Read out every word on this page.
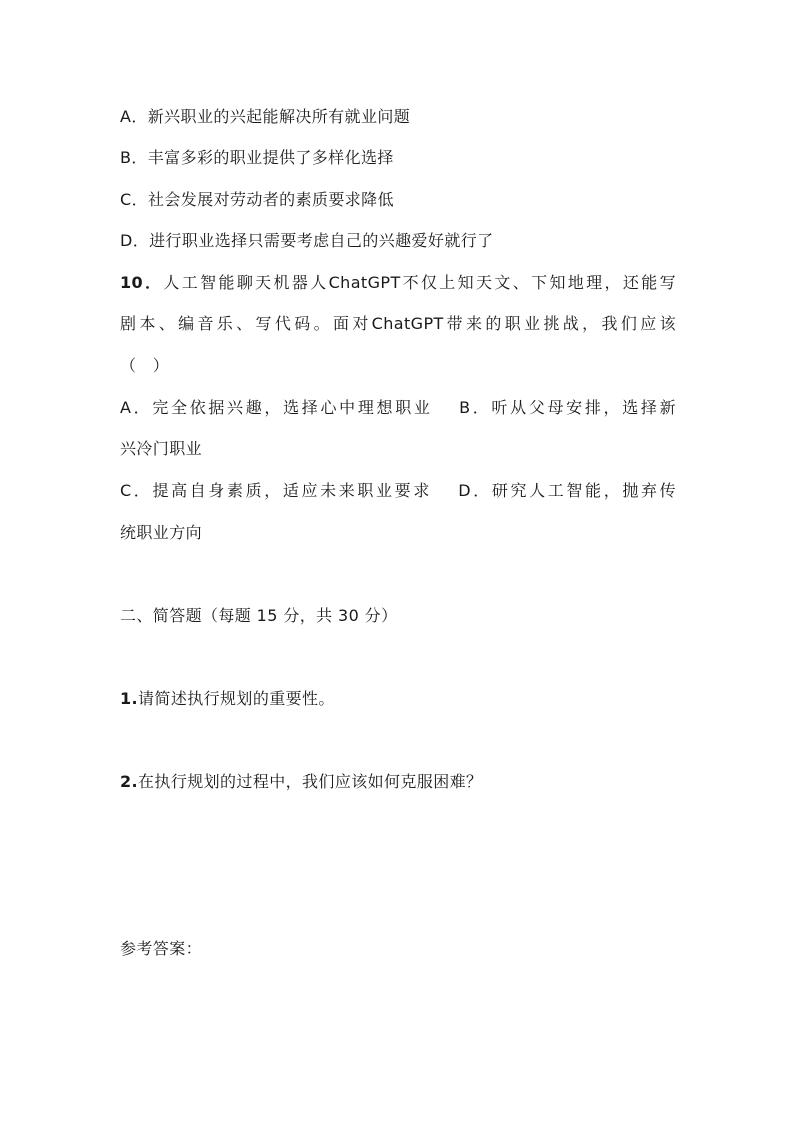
A．新兴职业的兴起能解决所有就业问题
B．丰富多彩的职业提供了多样化选择
C．社会发展对劳动者的素质要求降低
D．进行职业选择只需要考虑自己的兴趣爱好就行了
10．人工智能聊天机器人ChatGPT不仅上知天文、下知地理，还能写
剧本、编音乐、写代码。面对ChatGPT带来的职业挑战，我们应该
（　）
A．完全依据兴趣，选择心中理想职业　 B．听从父母安排，选择新
兴冷门职业
C．提高自身素质，适应未来职业要求　 D．研究人工智能，抛弃传
统职业方向
二、简答题（每题 15 分，共 30 分）
1.请简述执行规划的重要性。
2.在执行规划的过程中，我们应该如何克服困难？
参考答案：
